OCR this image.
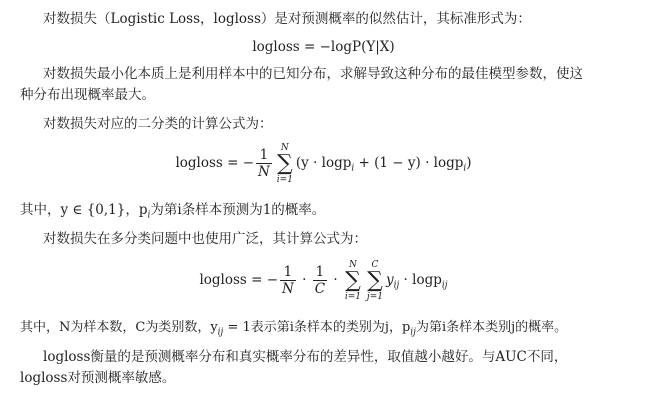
对数损失（Logistic Loss，logloss）是对预测概率的似然估计，其标准形式为：
logloss = −logP(Y|X)
对数损失最小化本质上是利用样本中的已知分布，求解导致这种分布的最佳模型参数，使这
种分布出现概率最大。
对数损失对应的二分类的计算公式为：
logloss = − $\frac{1}{N}$	N
∑
i=1
(y · logp$_i$ + (1 − y) · logp$_i$)
其中，y ∈ {0,1}，$p_i$为第i条样本预测为1的概率。
对数损失在多分类问题中也使用广泛，其计算公式为：
logloss = − $\frac{1}{N} \cdot \frac{1}{C}$ ·
N
∑
i=1
C
∑
j=1
$y_{ij} \cdot \log p_{ij}$
其中，N为样本数，C为类别数，$y_{ij} = 1$表示第i条样本的类别为j，$p_{ij}$为第i条样本类别j的概率。
logloss衡量的是预测概率分布和真实概率分布的差异性，取值越小越好。与AUC不同，
logloss对预测概率敏感。
